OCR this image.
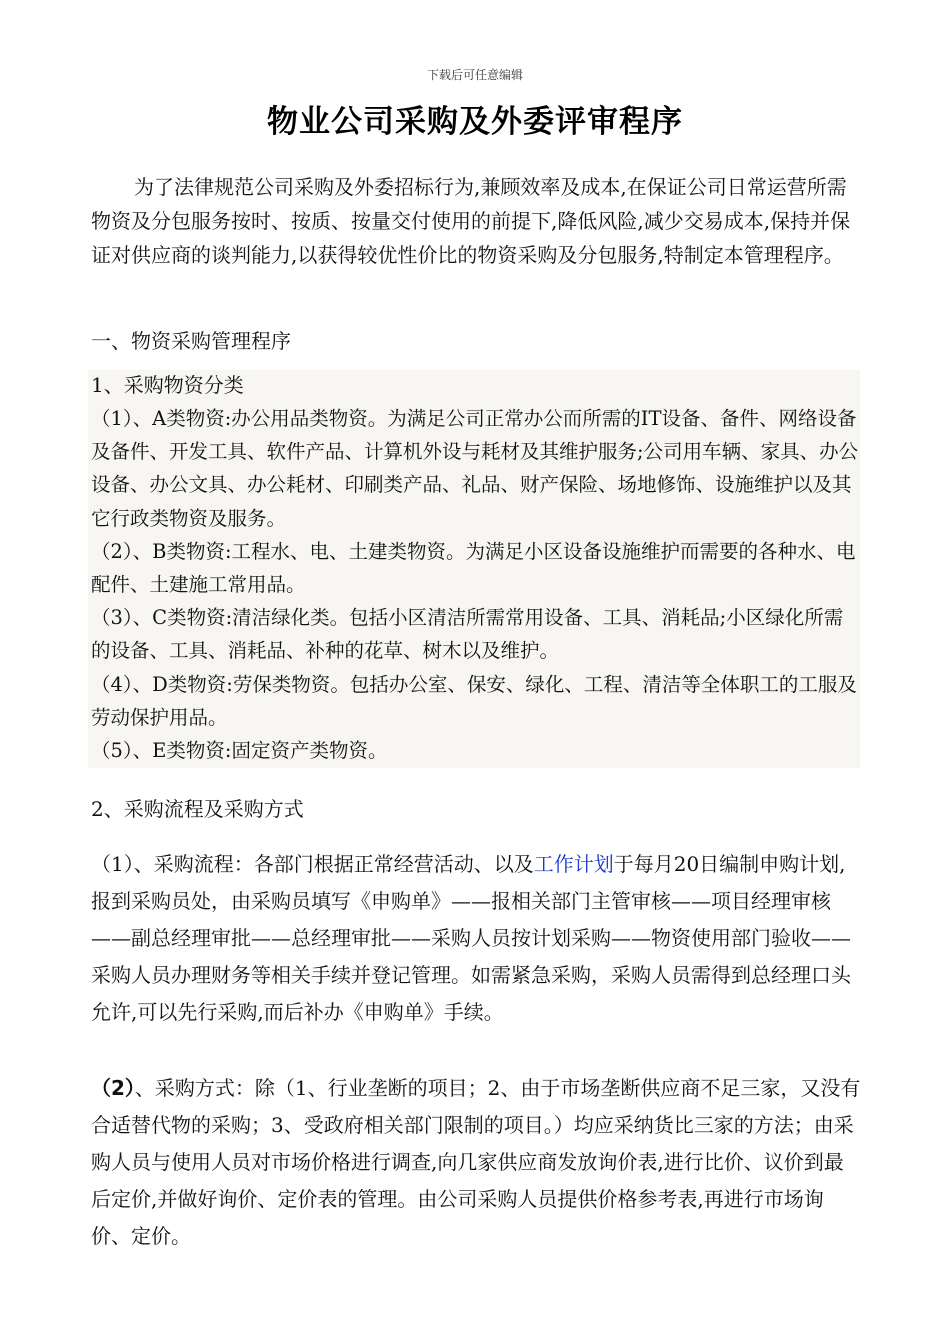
下载后可任意编辑
物业公司采购及外委评审程序
为了法律规范公司采购及外委招标行为,兼顾效率及成本,在保证公司日常运营所需物资及分包服务按时、按质、按量交付使用的前提下,降低风险,减少交易成本,保持并保证对供应商的谈判能力,以获得较优性价比的物资采购及分包服务,特制定本管理程序。
一、物资采购管理程序
1、采购物资分类
（1）、A类物资:办公用品类物资。为满足公司正常办公而所需的IT设备、备件、网络设备及备件、开发工具、软件产品、计算机外设与耗材及其维护服务;公司用车辆、家具、办公设备、办公文具、办公耗材、印刷类产品、礼品、财产保险、场地修饰、设施维护以及其它行政类物资及服务。
（2）、B类物资:工程水、电、土建类物资。为满足小区设备设施维护而需要的各种水、电配件、土建施工常用品。
（3）、C类物资:清洁绿化类。包括小区清洁所需常用设备、工具、消耗品;小区绿化所需的设备、工具、消耗品、补种的花草、树木以及维护。
（4）、D类物资:劳保类物资。包括办公室、保安、绿化、工程、清洁等全体职工的工服及劳动保护用品。
（5）、E类物资:固定资产类物资。
2、采购流程及采购方式
（1）、采购流程：各部门根据正常经营活动、以及工作计划于每月20日编制申购计划,报到采购员处，由采购员填写《申购单》——报相关部门主管审核——项目经理审核——副总经理审批——总经理审批——采购人员按计划采购——物资使用部门验收——采购人员办理财务等相关手续并登记管理。如需紧急采购，采购人员需得到总经理口头允许,可以先行采购,而后补办《申购单》手续。
（2）、采购方式：除（1、行业垄断的项目；2、由于市场垄断供应商不足三家，又没有合适替代物的采购；3、受政府相关部门限制的项目。）均应采纳货比三家的方法；由采购人员与使用人员对市场价格进行调查,向几家供应商发放询价表,进行比价、议价到最后定价,并做好询价、定价表的管理。由公司采购人员提供价格参考表,再进行市场询价、定价。
